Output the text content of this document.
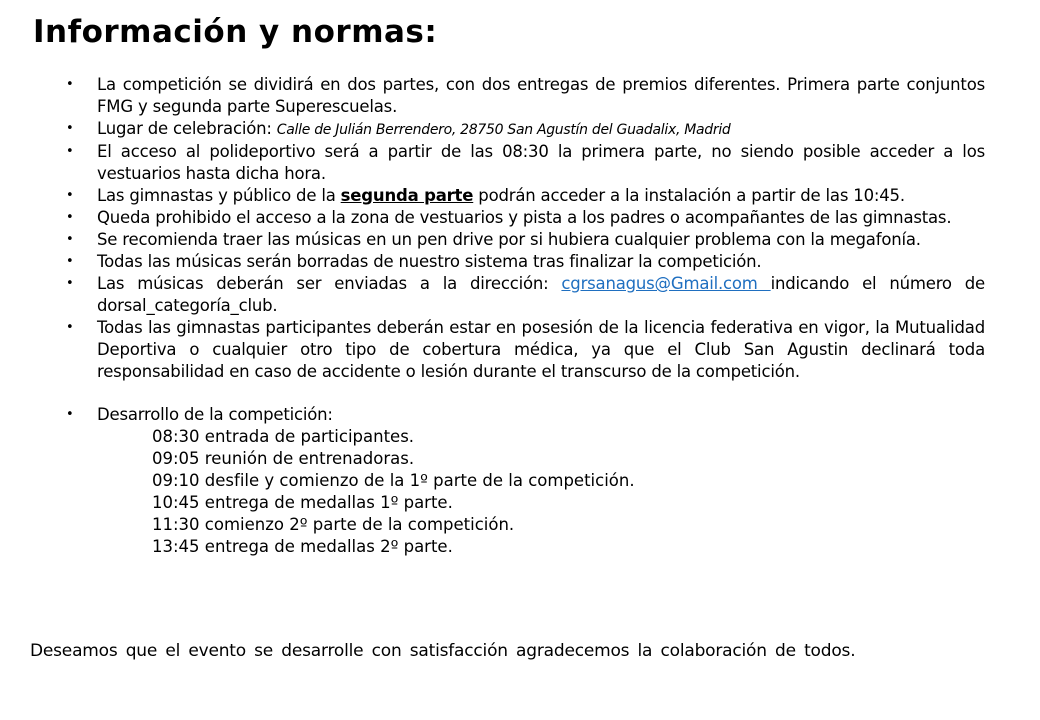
Información y normas:
•	La competición se dividirá en dos partes, con dos entregas de premios diferentes. Primera parte conjuntos FMG y segunda parte Superescuelas.
•	Lugar de celebración: Calle de Julián Berrendero, 28750 San Agustín del Guadalix, Madrid
•	El acceso al polideportivo será a partir de las 08:30 la primera parte, no siendo posible acceder a los vestuarios hasta dicha hora.
•	Las gimnastas y público de la segunda parte podrán acceder a la instalación a partir de las 10:45.
•	Queda prohibido el acceso a la zona de vestuarios y pista a los padres o acompañantes de las gimnastas.
•	Se recomienda traer las músicas en un pen drive por si hubiera cualquier problema con la megafonía.
•	Todas las músicas serán borradas de nuestro sistema tras finalizar la competición.
•	Las músicas deberán ser enviadas a la dirección: cgrsanagus@Gmail.com indicando el número de dorsal_categoría_club.
•	Todas las gimnastas participantes deberán estar en posesión de la licencia federativa en vigor, la Mutualidad Deportiva o cualquier otro tipo de cobertura médica, ya que el Club San Agustin declinará toda responsabilidad en caso de accidente o lesión durante el transcurso de la competición.
•	Desarrollo de la competición:
08:30 entrada de participantes.
09:05 reunión de entrenadoras.
09:10 desfile y comienzo de la 1º parte de la competición.
10:45 entrega de medallas 1º parte.
11:30 comienzo 2º parte de la competición.
13:45 entrega de medallas 2º parte.

Deseamos que el evento se desarrolle con satisfacción agradecemos la colaboración de todos.
